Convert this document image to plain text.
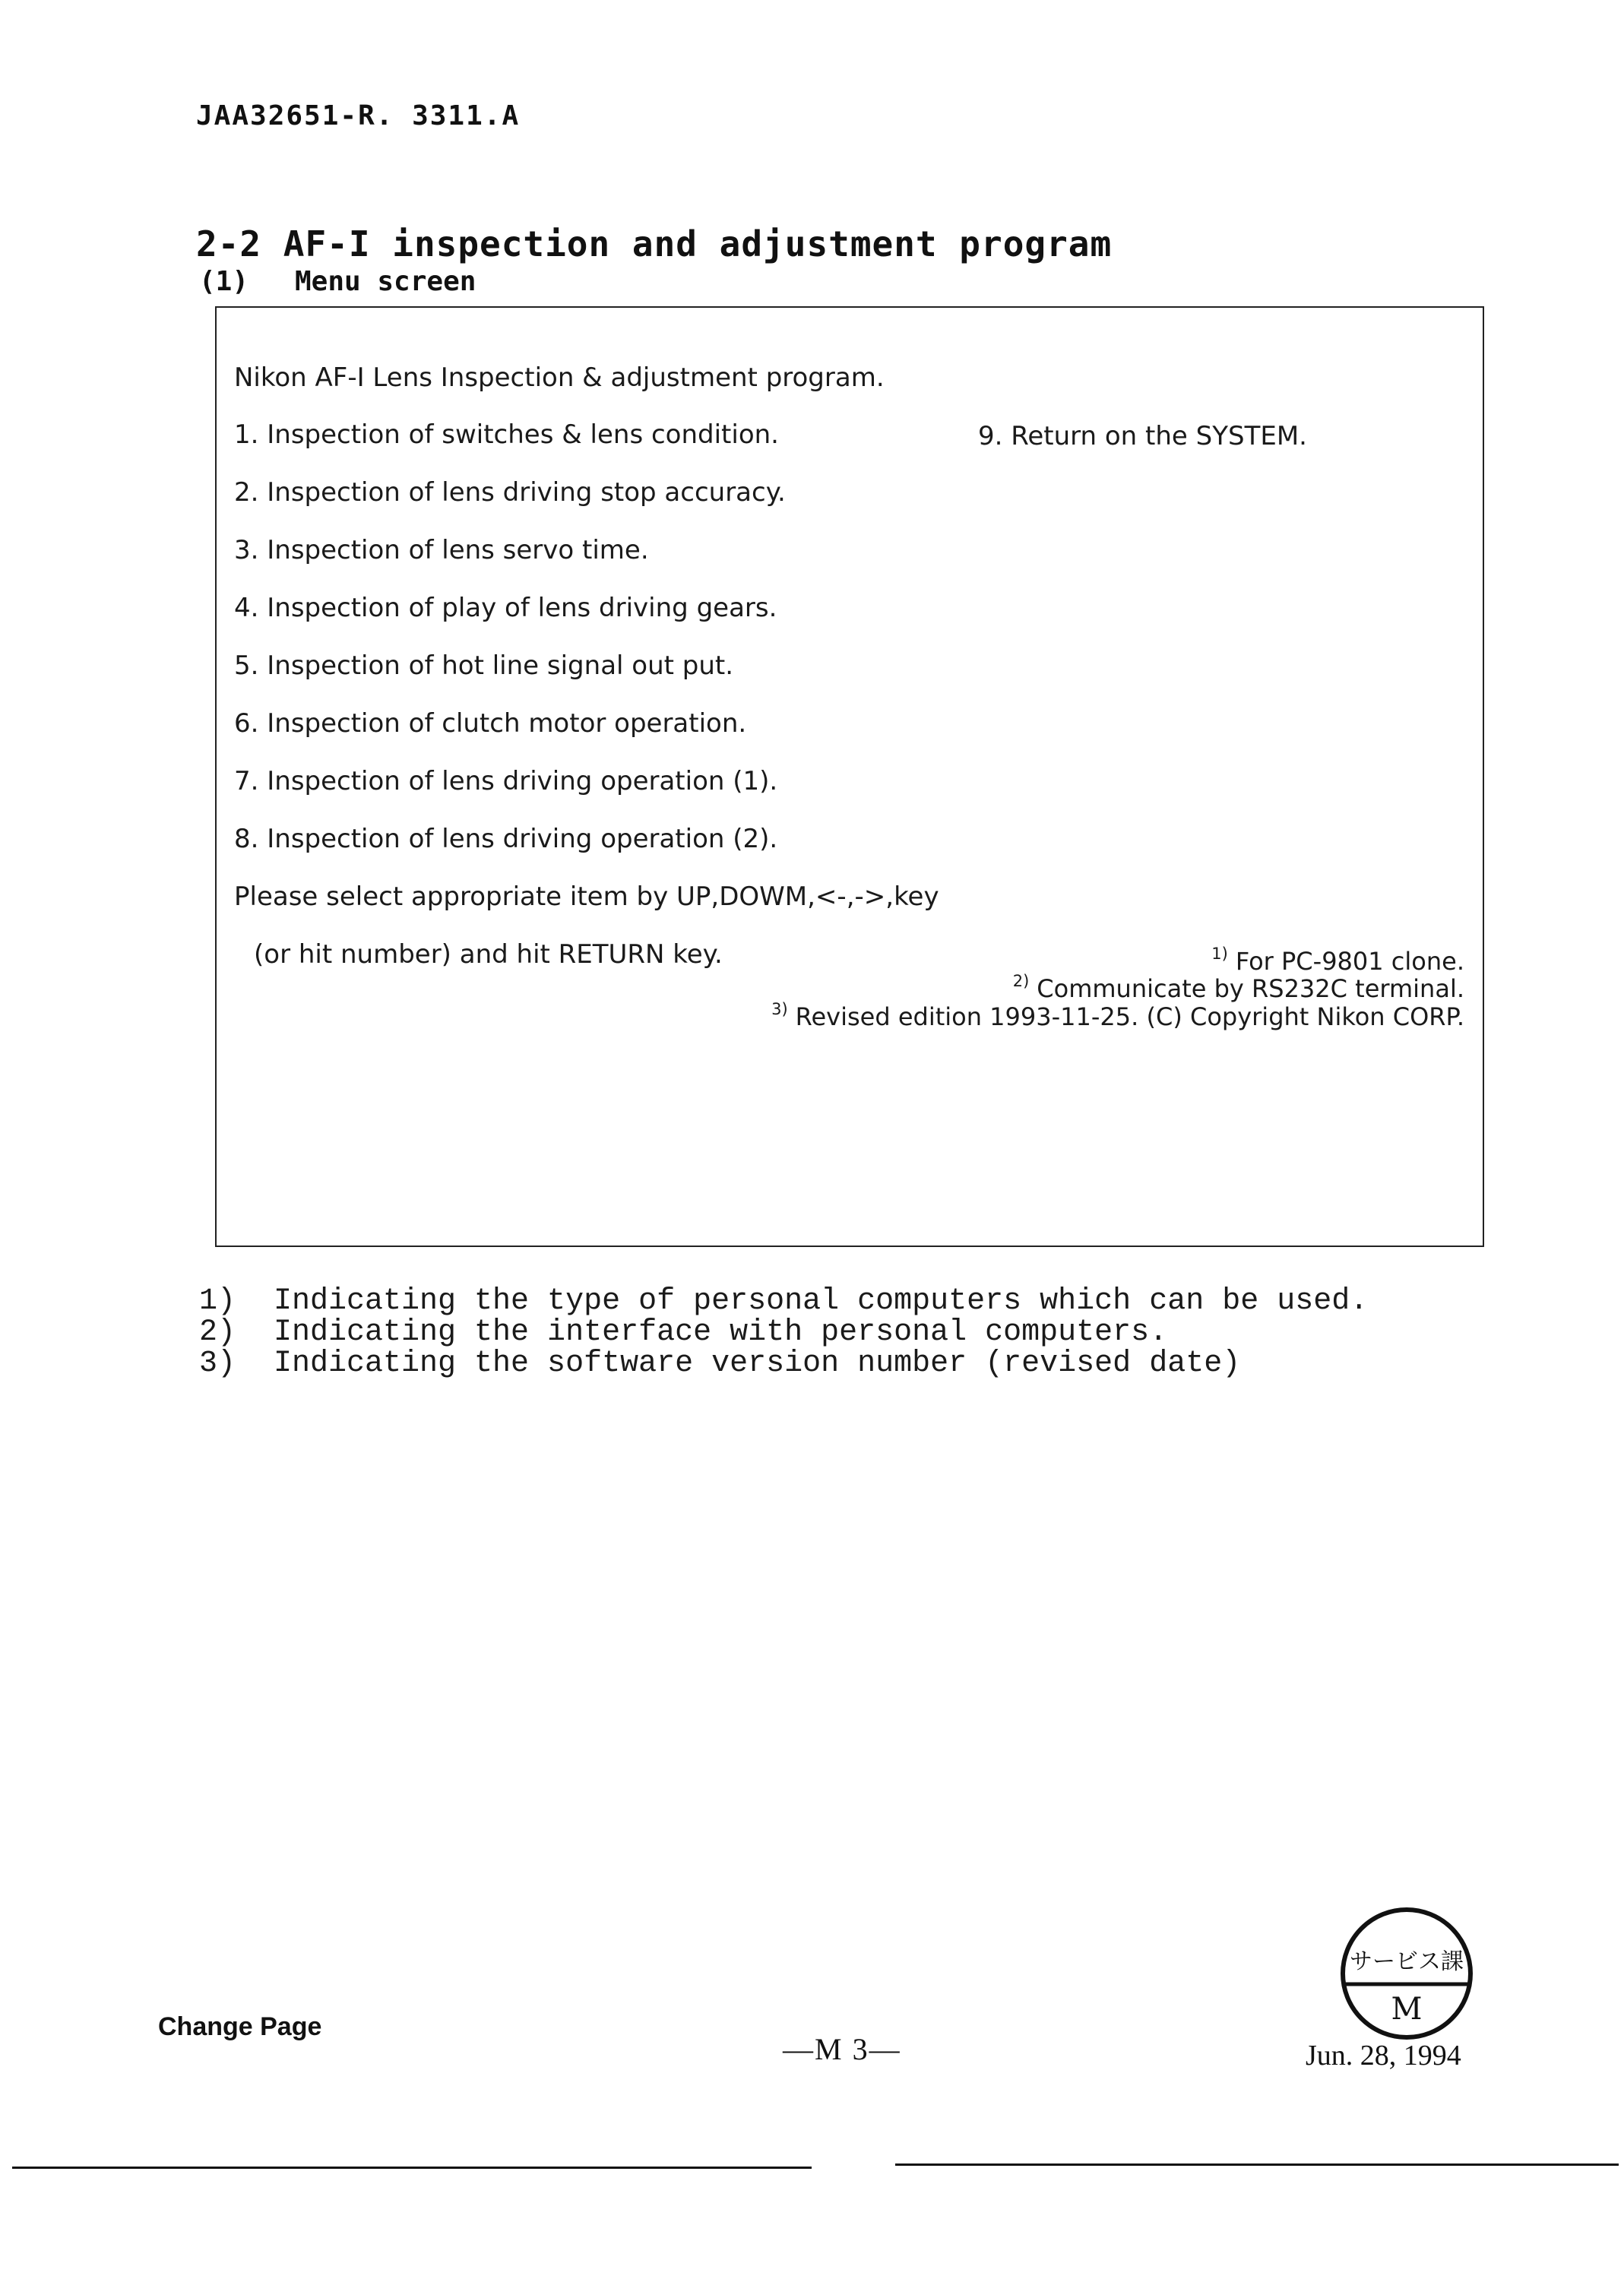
JAA32651-R. 3311.A
2-2 AF-I inspection and adjustment program
(1) Menu screen
Nikon AF-I Lens Inspection & adjustment program.
1. Inspection of switches & lens condition.	9. Return on the SYSTEM.
2. Inspection of lens driving stop accuracy.
3. Inspection of lens servo time.
4. Inspection of play of lens driving gears.
5. Inspection of hot line signal out put.
6. Inspection of clutch motor operation.
7. Inspection of lens driving operation (1).
8. Inspection of lens driving operation (2).
Please select appropriate item by UP,DOWM,<-,->,key
(or hit number) and hit RETURN key.	$^{1)}$ For PC-9801 clone.
$^{2)}$ Communicate by RS232C terminal.
$^{3)}$ Revised edition 1993-11-25. (C) Copyright Nikon CORP.
1) Indicating the type of personal computers which can be used.
2) Indicating the interface with personal computers.
3) Indicating the software version number (revised date)
サービス課
M
Change Page
—M 3—	Jun. 28, 1994
